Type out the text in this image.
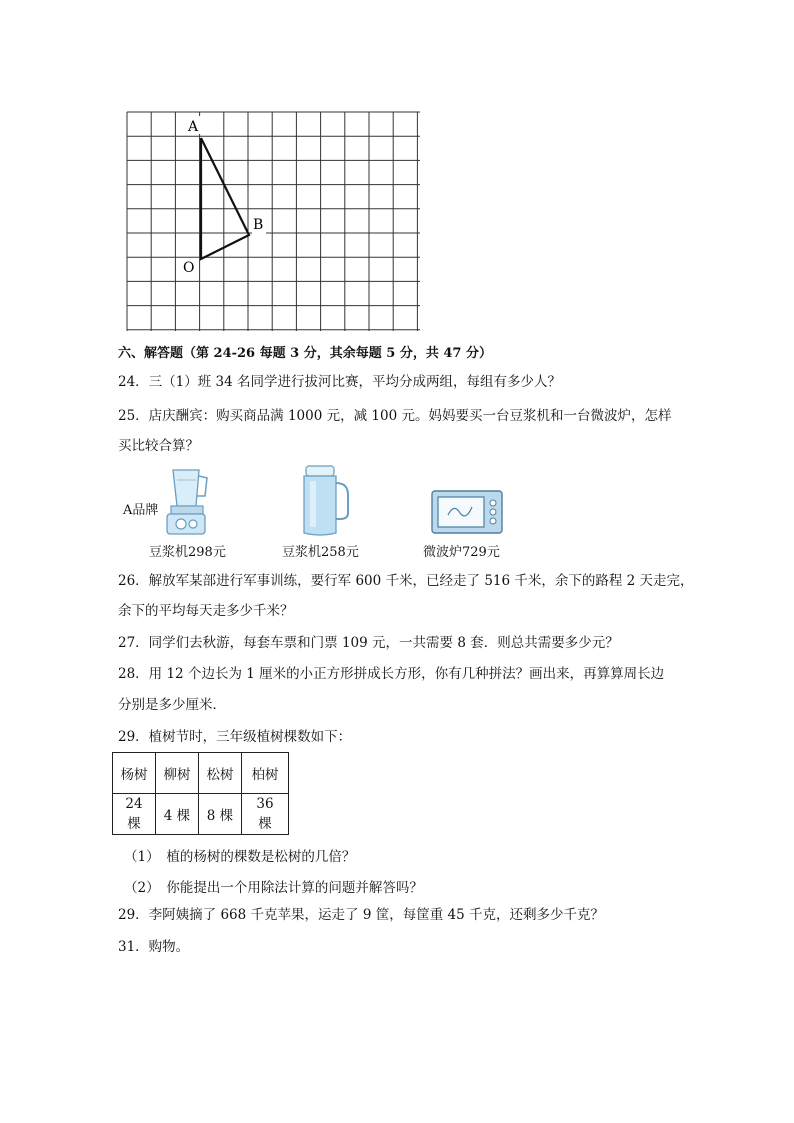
A
B
O
六、解答题（第 24-26 每题 3 分，其余每题 5 分，共 47 分）
24．三（1）班 34 名同学进行拔河比赛，平均分成两组，每组有多少人？
25．店庆酬宾：购买商品满 1000 元，减 100 元。妈妈要买一台豆浆机和一台微波炉，怎样
买比较合算？
A品牌
豆浆机298元	豆浆机258元	微波炉729元
26．解放军某部进行军事训练，要行军 600 千米，已经走了 516 千米，余下的路程 2 天走完，
余下的平均每天走多少千米？
27．同学们去秋游，每套车票和门票 109 元，一共需要 8 套．则总共需要多少元？
28．用 12 个边长为 1 厘米的小正方形拼成长方形，你有几种拼法？画出来，再算算周长边
分别是多少厘米．
29．植树节时，三年级植树棵数如下：
杨树	柳树	松树	柏树
24 棵	4 棵	8 棵	36 棵
（1）　植的杨树的棵数是松树的几倍？
（2）　你能提出一个用除法计算的问题并解答吗？
29．李阿姨摘了 668 千克苹果，运走了 9 筐，每筐重 45 千克，还剩多少千克？
31．购物。
